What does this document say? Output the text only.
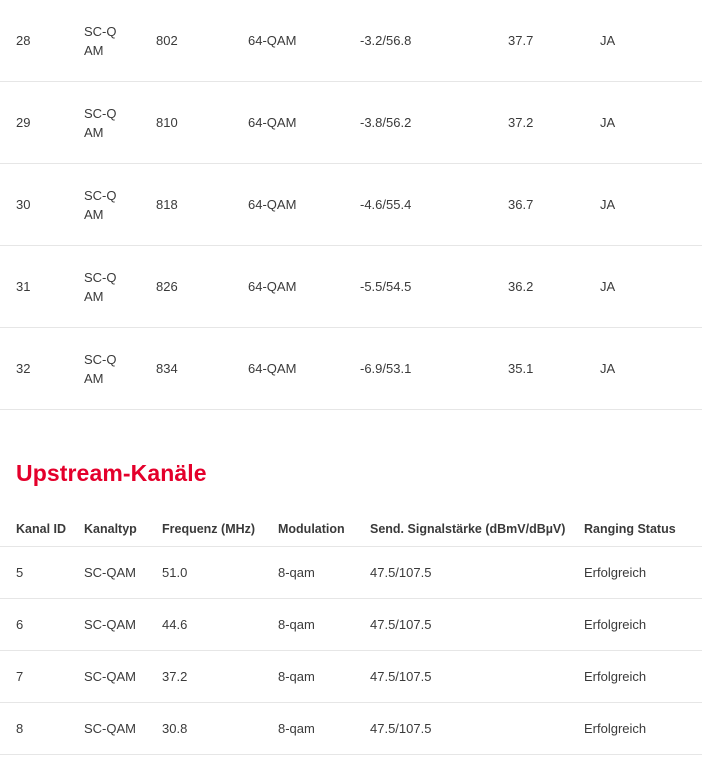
28	SC-QAM	802	64-QAM	-3.2/56.8	37.7	JA
29	SC-QAM	810	64-QAM	-3.8/56.2	37.2	JA
30	SC-QAM	818	64-QAM	-4.6/55.4	36.7	JA
31	SC-QAM	826	64-QAM	-5.5/54.5	36.2	JA
32	SC-QAM	834	64-QAM	-6.9/53.1	35.1	JA
Upstream-Kanäle
Kanal ID	Kanaltyp	Frequenz (MHz)	Modulation	Send. Signalstärke (dBmV/dBµV)	Ranging Status
5	SC-QAM	51.0	8-qam	47.5/107.5	Erfolgreich
6	SC-QAM	44.6	8-qam	47.5/107.5	Erfolgreich
7	SC-QAM	37.2	8-qam	47.5/107.5	Erfolgreich
8	SC-QAM	30.8	8-qam	47.5/107.5	Erfolgreich
